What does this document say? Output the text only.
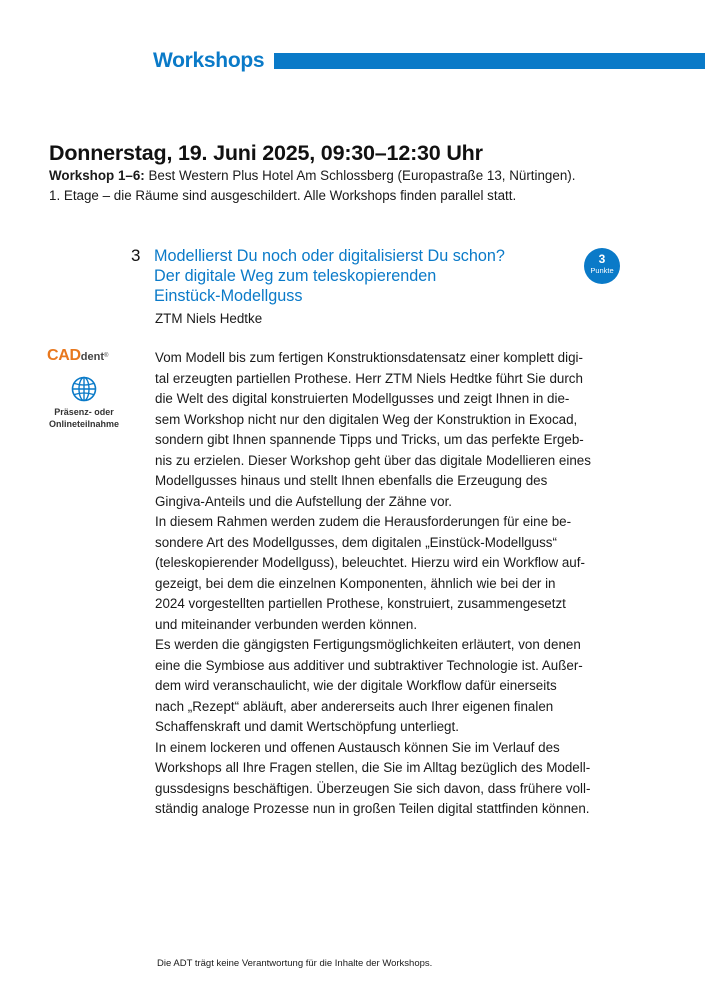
Workshops
Donnerstag, 19. Juni 2025, 09:30–12:30 Uhr
Workshop 1–6: Best Western Plus Hotel Am Schlossberg (Europastraße 13, Nürtingen).
1. Etage – die Räume sind ausgeschildert. Alle Workshops finden parallel statt.
3 Modellierst Du noch oder digitalisierst Du schon?
Der digitale Weg zum teleskopierenden
Einstück-Modellguss
3
Punkte
ZTM Niels Hedtke
CADdent®
Präsenz- oder
Onlineteilnahme
Vom Modell bis zum fertigen Konstruktionsdatensatz einer komplett digi-
tal erzeugten partiellen Prothese. Herr ZTM Niels Hedtke führt Sie durch
die Welt des digital konstruierten Modellgusses und zeigt Ihnen in die-
sem Workshop nicht nur den digitalen Weg der Konstruktion in Exocad,
sondern gibt Ihnen spannende Tipps und Tricks, um das perfekte Ergeb-
nis zu erzielen. Dieser Workshop geht über das digitale Modellieren eines
Modellgusses hinaus und stellt Ihnen ebenfalls die Erzeugung des
Gingiva-Anteils und die Aufstellung der Zähne vor.
In diesem Rahmen werden zudem die Herausforderungen für eine be-
sondere Art des Modellgusses, dem digitalen „Einstück-Modellguss“
(teleskopierender Modellguss), beleuchtet. Hierzu wird ein Workflow auf-
gezeigt, bei dem die einzelnen Komponenten, ähnlich wie bei der in
2024 vorgestellten partiellen Prothese, konstruiert, zusammengesetzt
und miteinander verbunden werden können.
Es werden die gängigsten Fertigungsmöglichkeiten erläutert, von denen
eine die Symbiose aus additiver und subtraktiver Technologie ist. Außer-
dem wird veranschaulicht, wie der digitale Workflow dafür einerseits
nach „Rezept“ abläuft, aber andererseits auch Ihrer eigenen finalen
Schaffenskraft und damit Wertschöpfung unterliegt.
In einem lockeren und offenen Austausch können Sie im Verlauf des
Workshops all Ihre Fragen stellen, die Sie im Alltag bezüglich des Modell-
gussdesigns beschäftigen. Überzeugen Sie sich davon, dass frühere voll-
ständig analoge Prozesse nun in großen Teilen digital stattfinden können.
Die ADT trägt keine Verantwortung für die Inhalte der Workshops.
